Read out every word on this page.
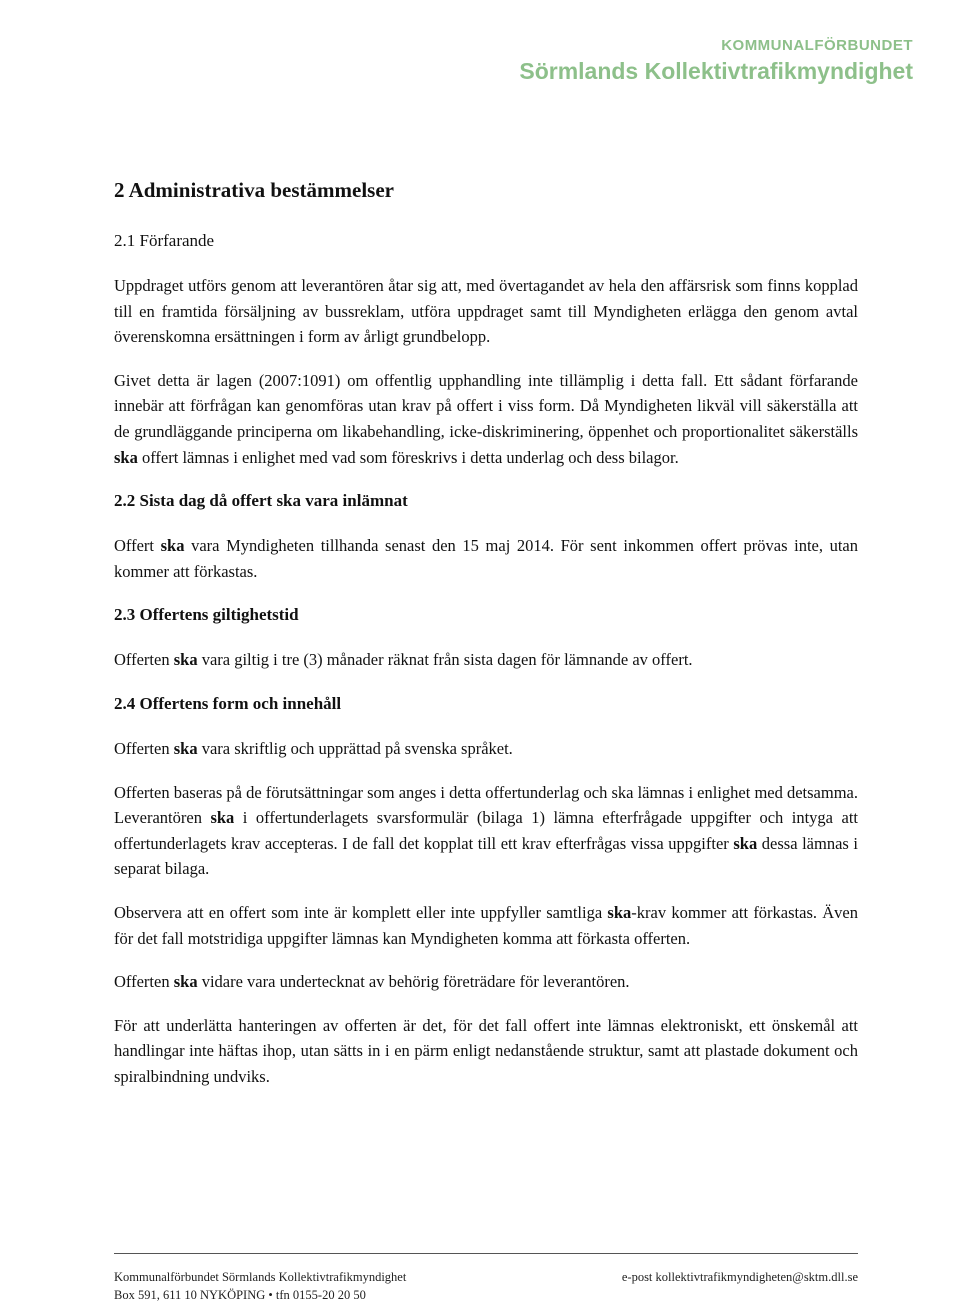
KOMMUNALFÖRBUNDET
Sörmlands Kollektivtrafikmyndighet
2 Administrativa bestämmelser
2.1 Förfarande

Uppdraget utförs genom att leverantören åtar sig att, med övertagandet av hela den affärsrisk som finns kopplad till en framtida försäljning av bussreklam, utföra uppdraget samt till Myndigheten erlägga den genom avtal överenskomna ersättningen i form av årligt grundbelopp.

Givet detta är lagen (2007:1091) om offentlig upphandling inte tillämplig i detta fall. Ett sådant förfarande innebär att förfrågan kan genomföras utan krav på offert i viss form. Då Myndigheten likväl vill säkerställa att de grundläggande principerna om likabehandling, icke-diskriminering, öppenhet och proportionalitet säkerställs ska offert lämnas i enlighet med vad som föreskrivs i detta underlag och dess bilagor.

2.2 Sista dag då offert ska vara inlämnat

Offert ska vara Myndigheten tillhanda senast den 15 maj 2014. För sent inkommen offert prövas inte, utan kommer att förkastas.

2.3 Offertens giltighetstid

Offerten ska vara giltig i tre (3) månader räknat från sista dagen för lämnande av offert.

2.4 Offertens form och innehåll

Offerten ska vara skriftlig och upprättad på svenska språket.

Offerten baseras på de förutsättningar som anges i detta offertunderlag och ska lämnas i enlighet med detsamma. Leverantören ska i offertunderlagets svarsformulär (bilaga 1) lämna efterfrågade uppgifter och intyga att offertunderlagets krav accepteras. I de fall det kopplat till ett krav efterfrågas vissa uppgifter ska dessa lämnas i separat bilaga.

Observera att en offert som inte är komplett eller inte uppfyller samtliga ska-krav kommer att förkastas. Även för det fall motstridiga uppgifter lämnas kan Myndigheten komma att förkasta offerten.

Offerten ska vidare vara undertecknat av behörig företrädare för leverantören.

För att underlätta hanteringen av offerten är det, för det fall offert inte lämnas elektroniskt, ett önskemål att handlingar inte häftas ihop, utan sätts in i en pärm enligt nedanstående struktur, samt att plastade dokument och spiralbindning undviks.

Kommunalförbundet Sörmlands Kollektivtrafikmyndighet	e-post kollektivtrafikmyndigheten@sktm.dll.se
Box 591, 611 10 NYKÖPING • tfn 0155-20 20 50
